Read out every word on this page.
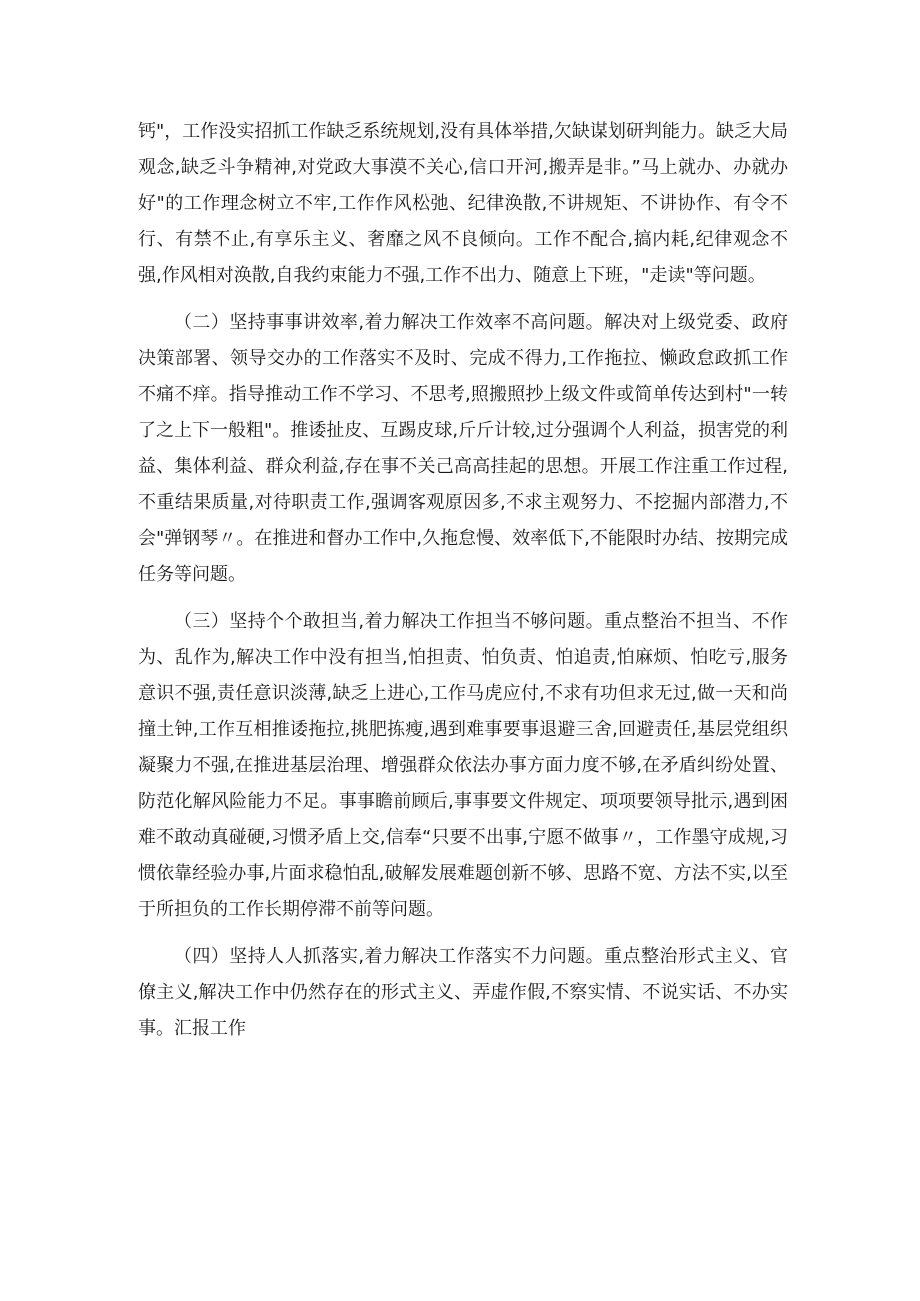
钙"，工作没实招抓工作缺乏系统规划,没有具体举措,欠缺谋划研判能力。缺乏大局观念,缺乏斗争精神,对党政大事漠不关心,信口开河,搬弄是非。”马上就办、办就办好"的工作理念树立不牢,工作作风松弛、纪律涣散,不讲规矩、不讲协作、有令不行、有禁不止,有享乐主义、奢靡之风不良倾向。工作不配合,搞内耗,纪律观念不强,作风相对涣散,自我约束能力不强,工作不出力、随意上下班，"走读"等问题。

（二）坚持事事讲效率,着力解决工作效率不高问题。解决对上级党委、政府决策部署、领导交办的工作落实不及时、完成不得力,工作拖拉、懒政怠政抓工作不痛不痒。指导推动工作不学习、不思考,照搬照抄上级文件或简单传达到村"一转了之上下一般粗"。推诿扯皮、互踢皮球,斤斤计较,过分强调个人利益，损害党的利益、集体利益、群众利益,存在事不关己高高挂起的思想。开展工作注重工作过程,不重结果质量,对待职责工作,强调客观原因多,不求主观努力、不挖掘内部潜力,不会"弹钢琴〃。在推进和督办工作中,久拖怠慢、效率低下,不能限时办结、按期完成任务等问题。

（三）坚持个个敢担当,着力解决工作担当不够问题。重点整治不担当、不作为、乱作为,解决工作中没有担当,怕担责、怕负责、怕追责,怕麻烦、怕吃亏,服务意识不强,责任意识淡薄,缺乏上进心,工作马虎应付,不求有功但求无过,做一天和尚撞土钟,工作互相推诿拖拉,挑肥拣瘦,遇到难事要事退避三舍,回避责任,基层党组织凝聚力不强,在推进基层治理、增强群众依法办事方面力度不够,在矛盾纠纷处置、防范化解风险能力不足。事事瞻前顾后,事事要文件规定、项项要领导批示,遇到困难不敢动真碰硬,习惯矛盾上交,信奉“只要不出事,宁愿不做事〃，工作墨守成规,习惯依靠经验办事,片面求稳怕乱,破解发展难题创新不够、思路不宽、方法不实,以至于所担负的工作长期停滞不前等问题。

（四）坚持人人抓落实,着力解决工作落实不力问题。重点整治形式主义、官僚主义,解决工作中仍然存在的形式主义、弄虚作假,不察实情、不说实话、不办实事。汇报工作
